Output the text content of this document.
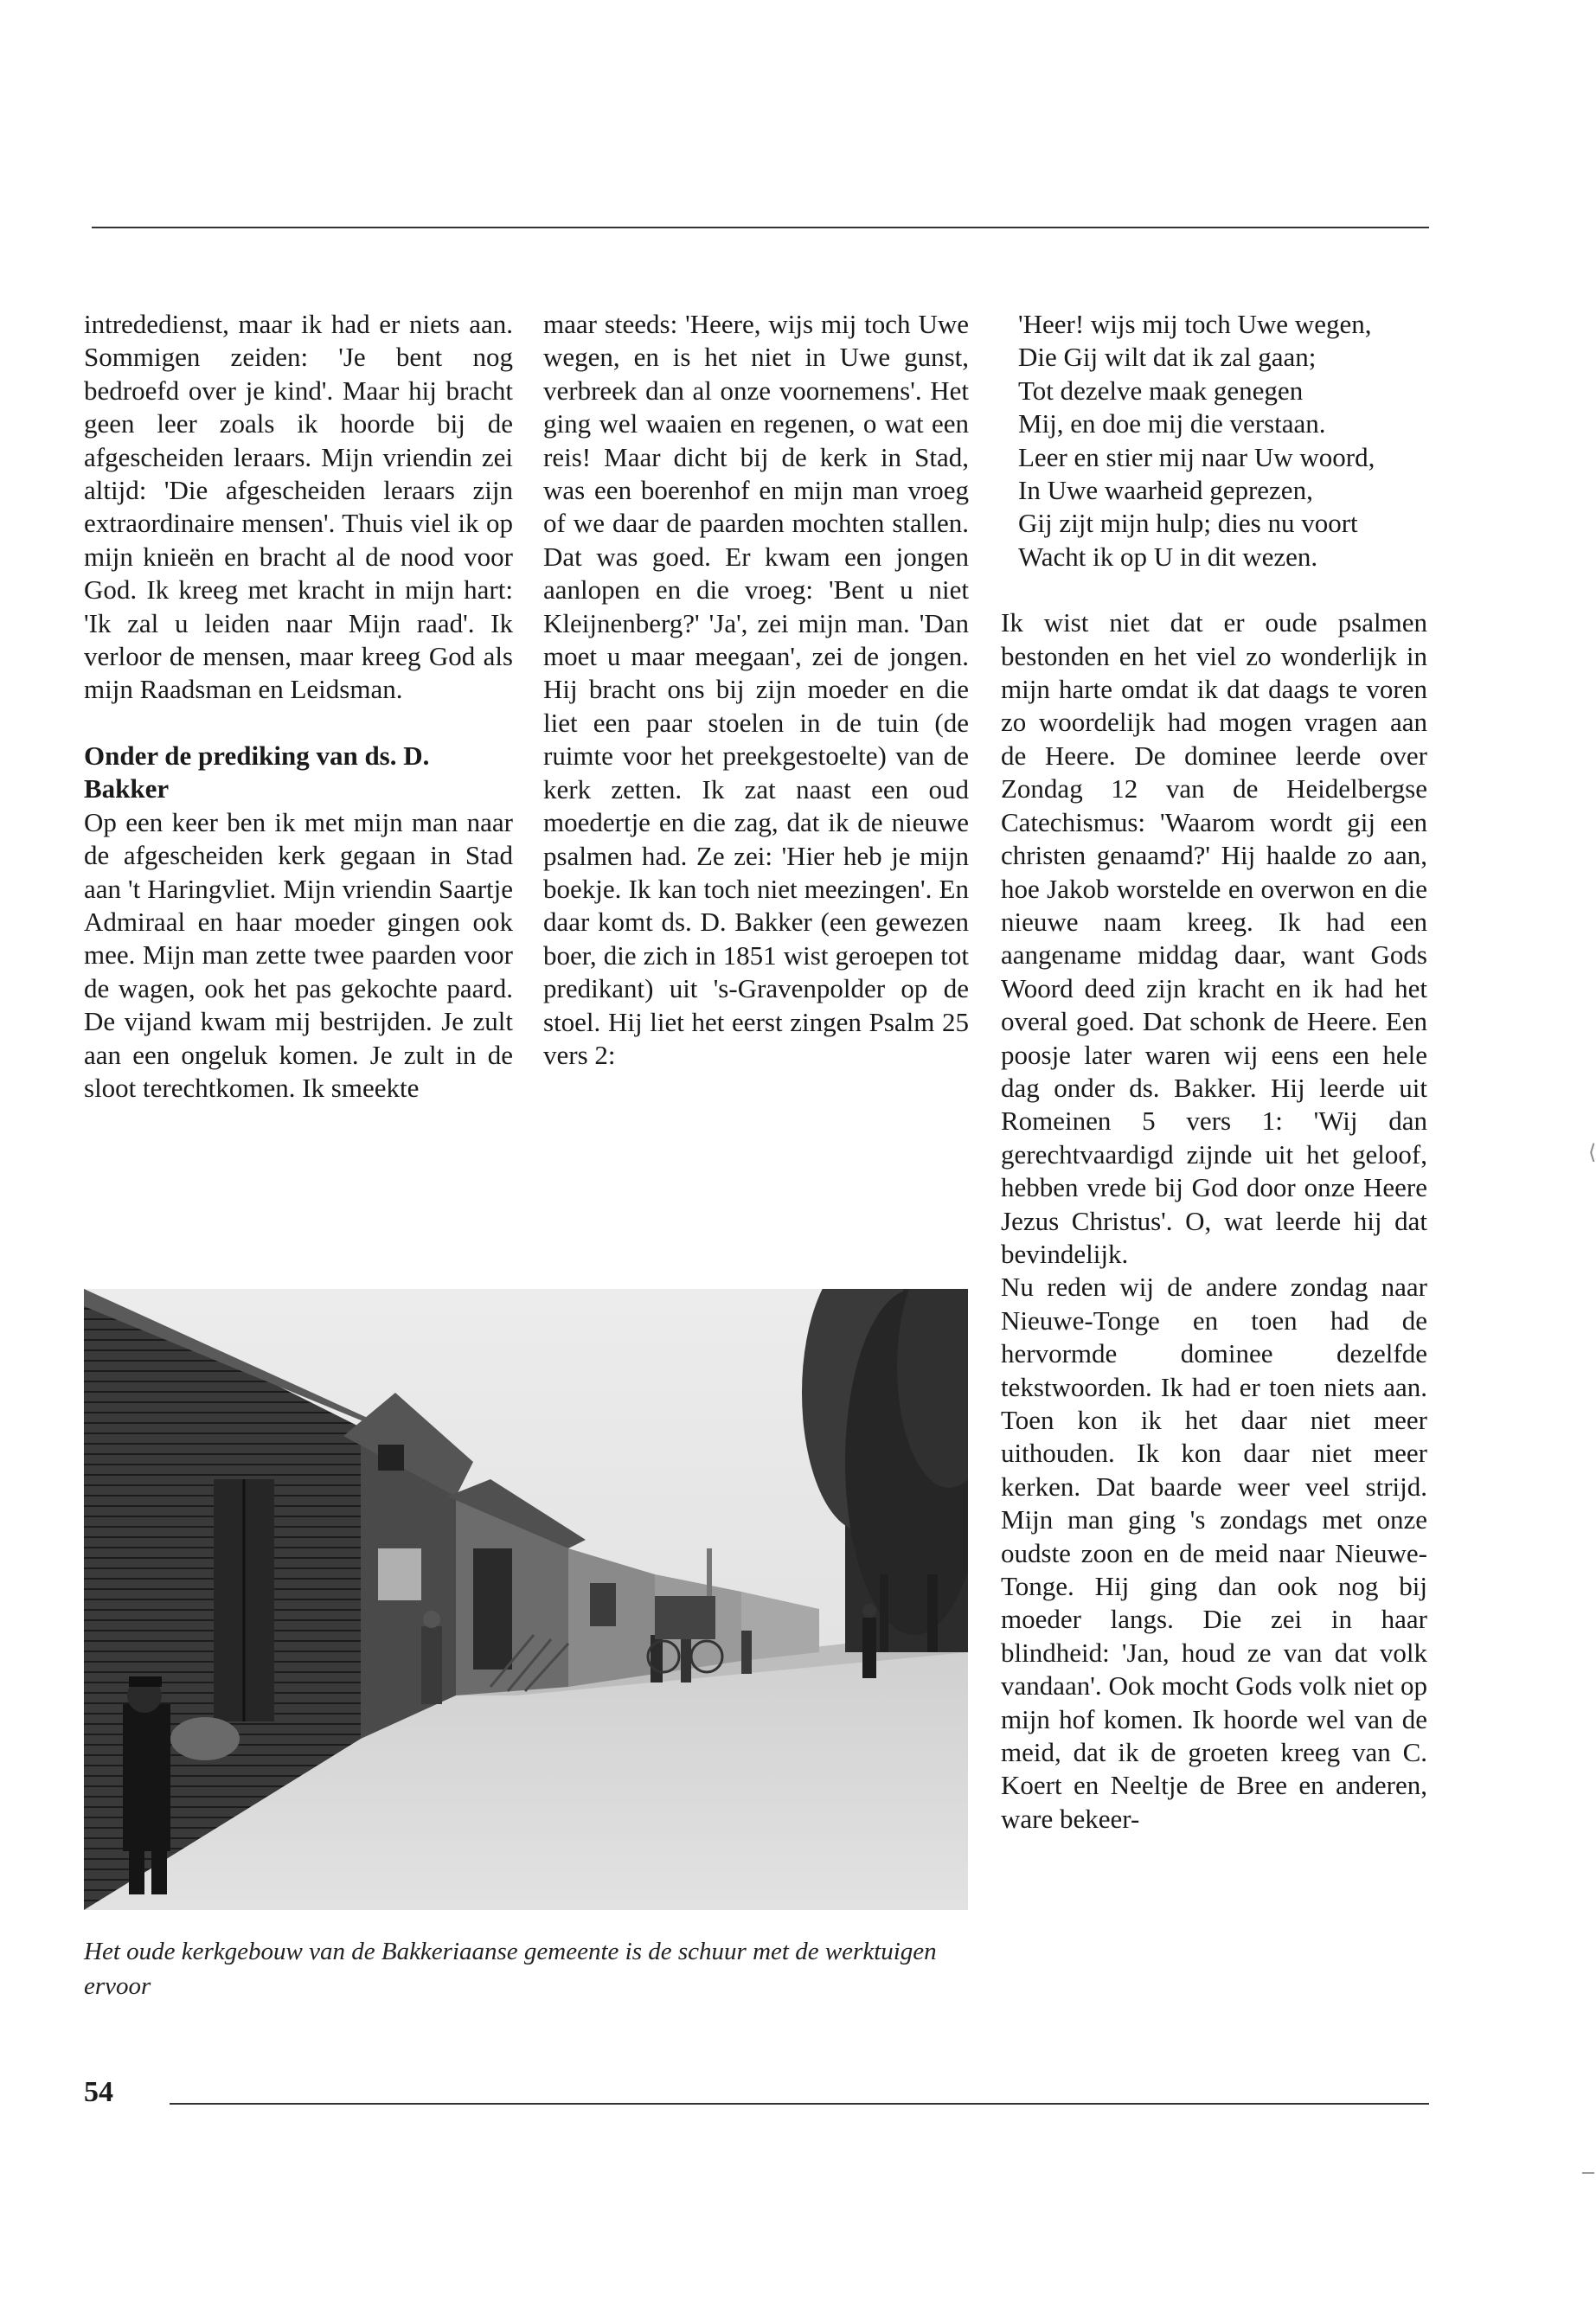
intrededienst, maar ik had er niets aan. Sommigen zeiden: 'Je bent nog bedroefd over je kind'. Maar hij bracht geen leer zoals ik hoorde bij de afgescheiden leraars. Mijn vriendin zei altijd: 'Die afgescheiden leraars zijn extraordinaire mensen'. Thuis viel ik op mijn knieën en bracht al de nood voor God. Ik kreeg met kracht in mijn hart: 'Ik zal u leiden naar Mijn raad'. Ik verloor de mensen, maar kreeg God als mijn Raadsman en Leidsman.

Onder de prediking van ds. D. Bakker

Op een keer ben ik met mijn man naar de afgescheiden kerk gegaan in Stad aan 't Haringvliet. Mijn vriendin Saartje Admiraal en haar moeder gingen ook mee. Mijn man zette twee paarden voor de wagen, ook het pas gekochte paard. De vijand kwam mij bestrijden. Je zult aan een ongeluk komen. Je zult in de sloot terechtkomen. Ik smeekte

maar steeds: 'Heere, wijs mij toch Uwe wegen, en is het niet in Uwe gunst, verbreek dan al onze voornemens'. Het ging wel waaien en regenen, o wat een reis! Maar dicht bij de kerk in Stad, was een boerenhof en mijn man vroeg of we daar de paarden mochten stallen. Dat was goed. Er kwam een jongen aanlopen en die vroeg: 'Bent u niet Kleijnenberg?' 'Ja', zei mijn man. 'Dan moet u maar meegaan', zei de jongen. Hij bracht ons bij zijn moeder en die liet een paar stoelen in de tuin (de ruimte voor het preekgestoelte) van de kerk zetten. Ik zat naast een oud moedertje en die zag, dat ik de nieuwe psalmen had. Ze zei: 'Hier heb je mijn boekje. Ik kan toch niet meezingen'. En daar komt ds. D. Bakker (een gewezen boer, die zich in 1851 wist geroepen tot predikant) uit 's-Gravenpolder op de stoel. Hij liet het eerst zingen Psalm 25 vers 2:

'Heer! wijs mij toch Uwe wegen,
Die Gij wilt dat ik zal gaan;
Tot dezelve maak genegen
Mij, en doe mij die verstaan.
Leer en stier mij naar Uw woord,
In Uwe waarheid geprezen,
Gij zijt mijn hulp; dies nu voort
Wacht ik op U in dit wezen.

Ik wist niet dat er oude psalmen bestonden en het viel zo wonderlijk in mijn harte omdat ik dat daags te voren zo woordelijk had mogen vragen aan de Heere. De dominee leerde over Zondag 12 van de Heidelbergse Catechismus: 'Waarom wordt gij een christen genaamd?' Hij haalde zo aan, hoe Jakob worstelde en overwon en die nieuwe naam kreeg. Ik had een aangename middag daar, want Gods Woord deed zijn kracht en ik had het overal goed. Dat schonk de Heere. Een poosje later waren wij eens een hele dag onder ds. Bakker. Hij leerde uit Romeinen 5 vers 1: 'Wij dan gerechtvaardigd zijnde uit het geloof, hebben vrede bij God door onze Heere Jezus Christus'. O, wat leerde hij dat bevindelijk.

Nu reden wij de andere zondag naar Nieuwe-Tonge en toen had de hervormde dominee dezelfde tekstwoorden. Ik had er toen niets aan. Toen kon ik het daar niet meer uithouden. Ik kon daar niet meer kerken. Dat baarde weer veel strijd. Mijn man ging 's zondags met onze oudste zoon en de meid naar Nieuwe-Tonge. Hij ging dan ook nog bij moeder langs. Die zei in haar blindheid: 'Jan, houd ze van dat volk vandaan'. Ook mocht Gods volk niet op mijn hof komen. Ik hoorde wel van de meid, dat ik de groeten kreeg van C. Koert en Neeltje de Bree en anderen, ware bekeer-

Het oude kerkgebouw van de Bakkeriaanse gemeente is de schuur met de werktuigen ervoor
54
⟨
